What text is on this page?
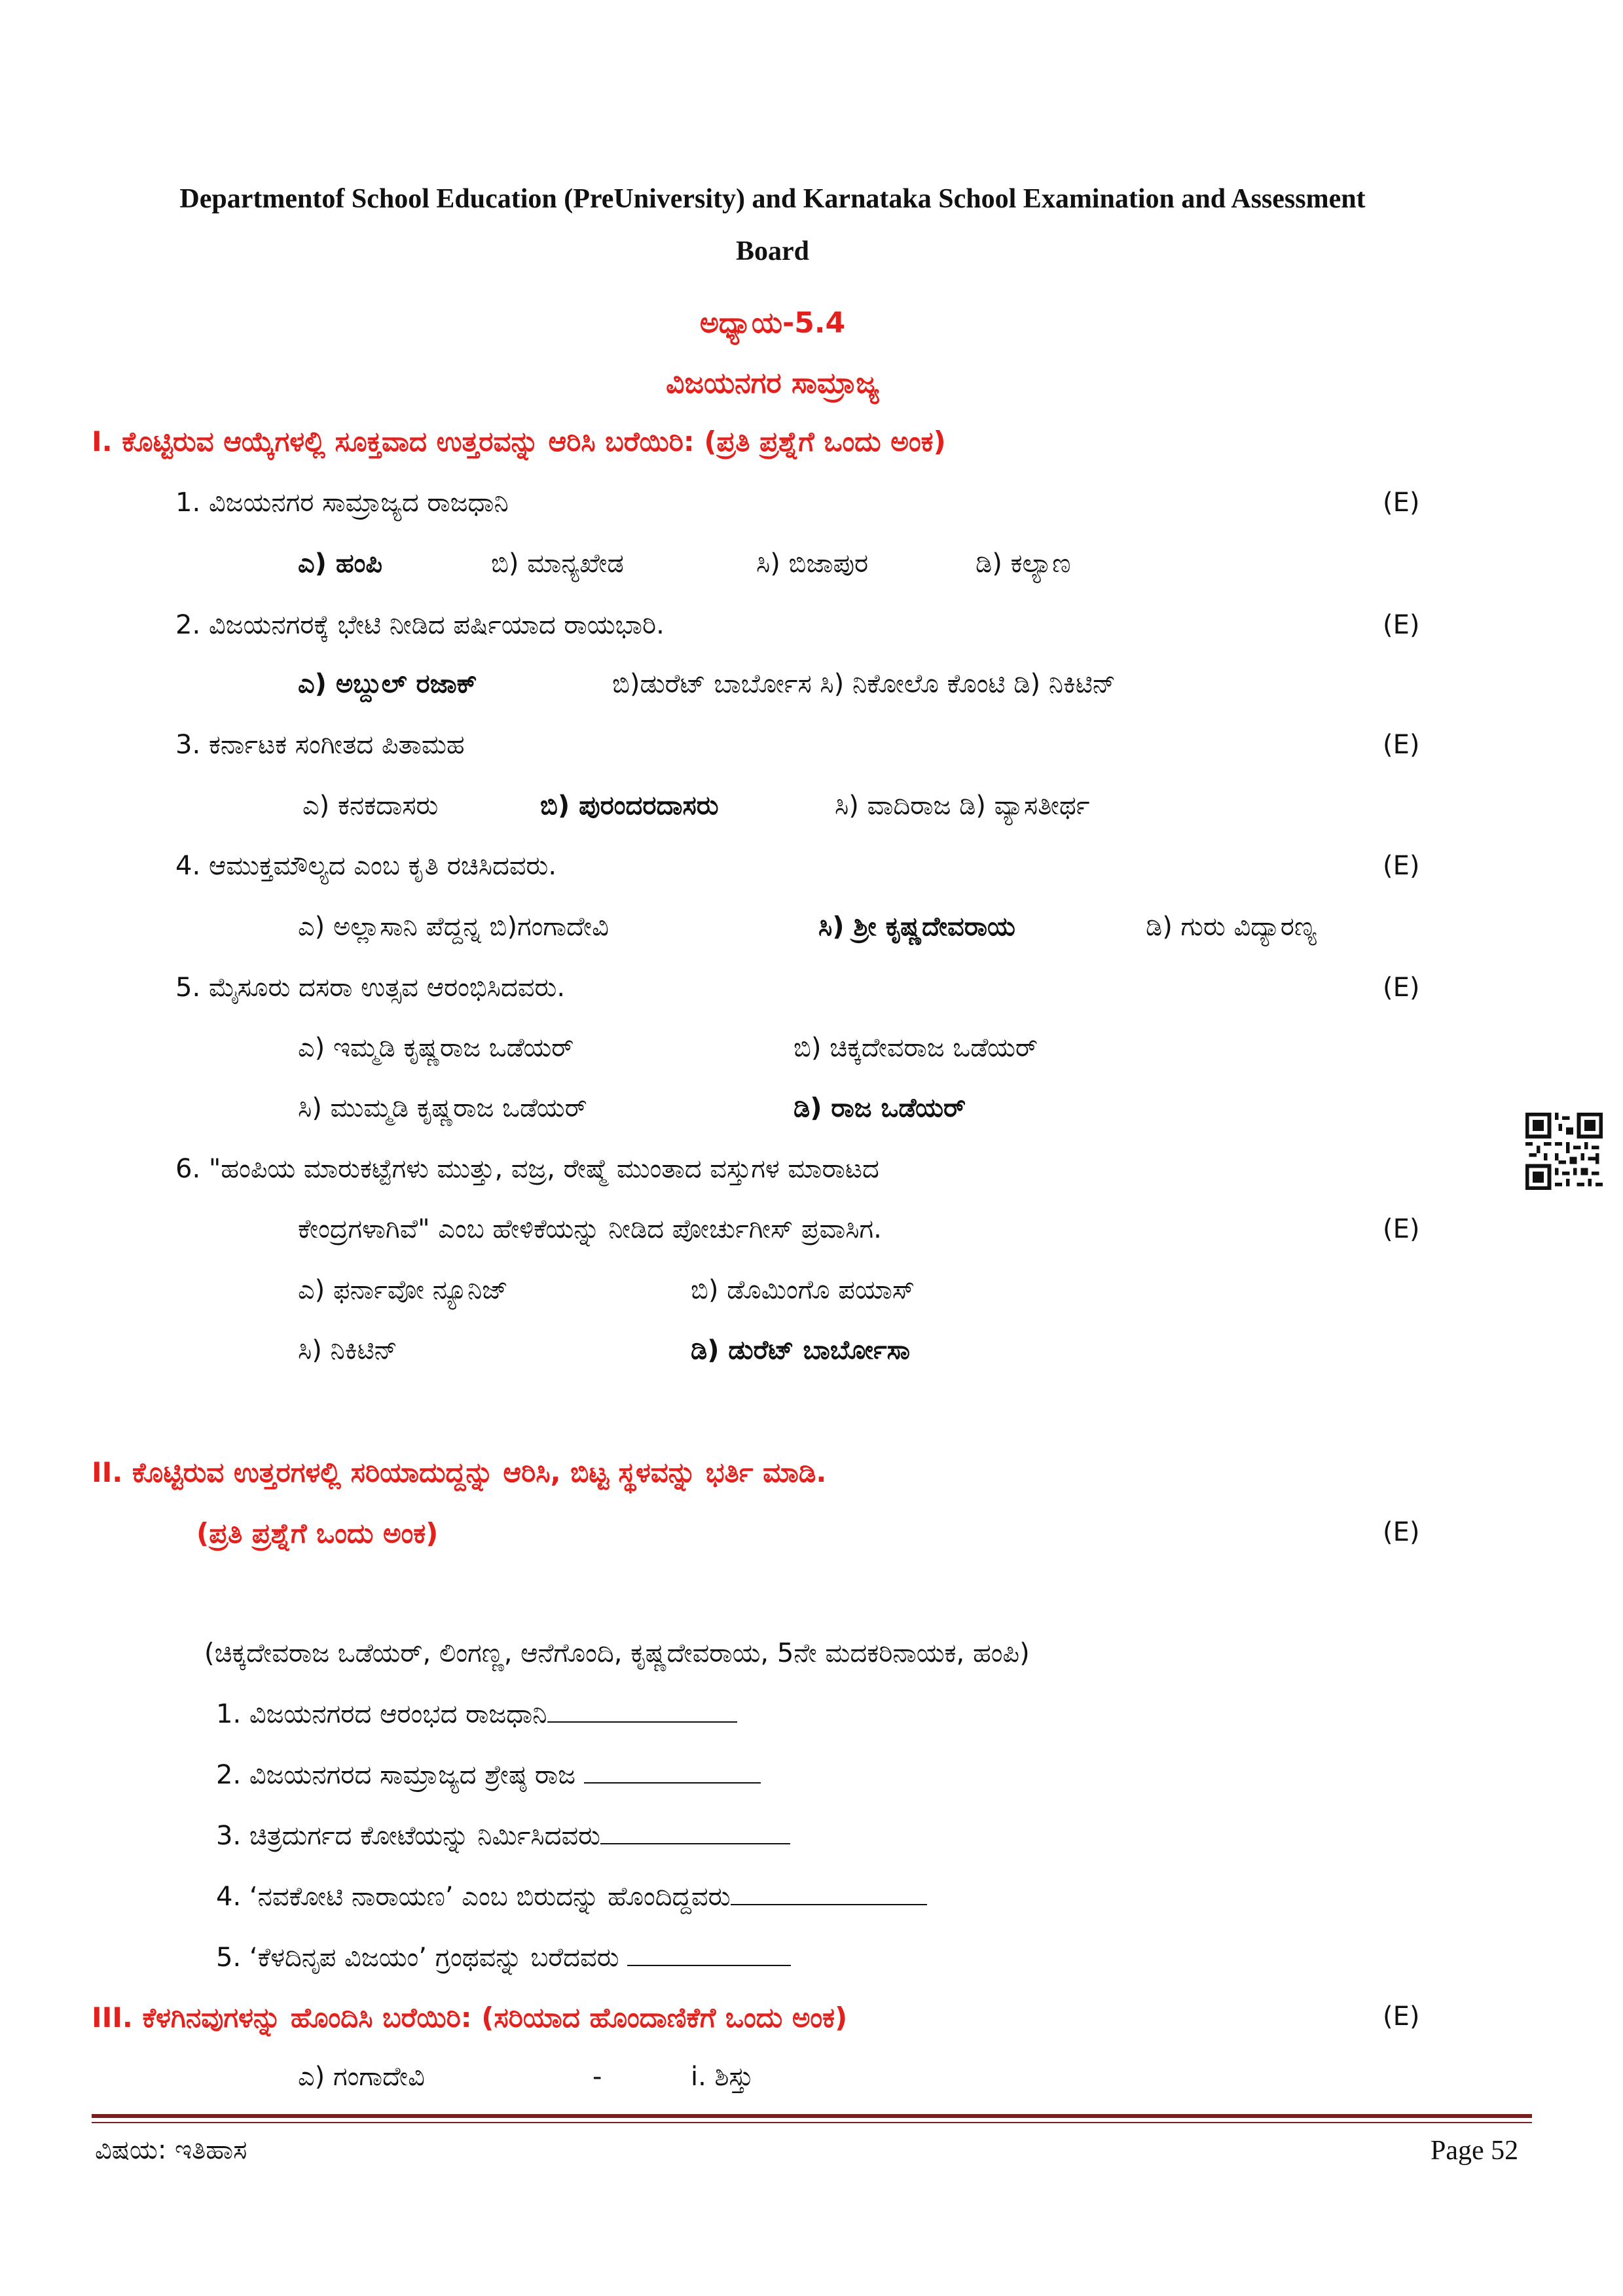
Departmentof School Education (PreUniversity) and Karnataka School Examination and Assessment
Board
ಅಧ್ಯಾಯ-5.4
ವಿಜಯನಗರ ಸಾಮ್ರಾಜ್ಯ
I. ಕೊಟ್ಟಿರುವ ಆಯ್ಕೆಗಳಲ್ಲಿ ಸೂಕ್ತವಾದ ಉತ್ತರವನ್ನು ಆರಿಸಿ ಬರೆಯಿರಿ: (ಪ್ರತಿ ಪ್ರಶ್ನೆಗೆ ಒಂದು ಅಂಕ)
1. ವಿಜಯನಗರ ಸಾಮ್ರಾಜ್ಯದ ರಾಜಧಾನಿ	(E)
ಎ) ಹಂಪಿ	ಬಿ) ಮಾನ್ಯಖೇಡ	ಸಿ) ಬಿಜಾಪುರ	ಡಿ) ಕಲ್ಯಾಣ
2. ವಿಜಯನಗರಕ್ಕೆ ಭೇಟಿ ನೀಡಿದ ಪರ್ಷಿಯಾದ ರಾಯಭಾರಿ.	(E)
ಎ) ಅಬ್ದುಲ್ ರಜಾಕ್	ಬಿ)ಡುರೆಟ್ ಬಾರ್ಬೋಸ ಸಿ) ನಿಕೋಲೊ ಕೊಂಟಿ ಡಿ) ನಿಕಿಟಿನ್
3. ಕರ್ನಾಟಕ ಸಂಗೀತದ ಪಿತಾಮಹ	(E)
ಎ) ಕನಕದಾಸರು	ಬಿ) ಪುರಂದರದಾಸರು	ಸಿ) ವಾದಿರಾಜ ಡಿ) ವ್ಯಾಸತೀರ್ಥ
4. ಆಮುಕ್ತಮೌಲ್ಯದ ಎಂಬ ಕೃತಿ ರಚಿಸಿದವರು.	(E)
ಎ) ಅಲ್ಲಾಸಾನಿ ಪೆದ್ದನ್ನ ಬಿ)ಗಂಗಾದೇವಿ	ಸಿ) ಶ್ರೀ ಕೃಷ್ಣದೇವರಾಯ	ಡಿ) ಗುರು ವಿದ್ಯಾರಣ್ಯ
5. ಮೈಸೂರು ದಸರಾ ಉತ್ಸವ ಆರಂಭಿಸಿದವರು.	(E)
ಎ) ಇಮ್ಮಡಿ ಕೃಷ್ಣರಾಜ ಒಡೆಯರ್	ಬಿ) ಚಿಕ್ಕದೇವರಾಜ ಒಡೆಯರ್
ಸಿ) ಮುಮ್ಮಡಿ ಕೃಷ್ಣರಾಜ ಒಡೆಯರ್	ಡಿ) ರಾಜ ಒಡೆಯರ್
6. "ಹಂಪಿಯ ಮಾರುಕಟ್ಟೆಗಳು ಮುತ್ತು, ವಜ್ರ, ರೇಷ್ಮೆ ಮುಂತಾದ ವಸ್ತುಗಳ ಮಾರಾಟದ
ಕೇಂದ್ರಗಳಾಗಿವೆ" ಎಂಬ ಹೇಳಿಕೆಯನ್ನು ನೀಡಿದ ಪೋರ್ಚುಗೀಸ್ ಪ್ರವಾಸಿಗ.	(E)
ಎ) ಫರ್ನಾವೋ ನ್ಯೂನಿಜ್	ಬಿ) ಡೊಮಿಂಗೊ ಪಯಾಸ್
ಸಿ) ನಿಕಿಟಿನ್	ಡಿ) ಡುರೆಟ್ ಬಾರ್ಬೋಸಾ
II. ಕೊಟ್ಟಿರುವ ಉತ್ತರಗಳಲ್ಲಿ ಸರಿಯಾದುದ್ದನ್ನು ಆರಿಸಿ, ಬಿಟ್ಟ ಸ್ಥಳವನ್ನು ಭರ್ತಿ ಮಾಡಿ.
(ಪ್ರತಿ ಪ್ರಶ್ನೆಗೆ ಒಂದು ಅಂಕ)	(E)
(ಚಿಕ್ಕದೇವರಾಜ ಒಡೆಯರ್, ಲಿಂಗಣ್ಣ, ಆನೆಗೊಂದಿ, ಕೃಷ್ಣದೇವರಾಯ, 5ನೇ ಮದಕರಿನಾಯಕ, ಹಂಪಿ)
1. ವಿಜಯನಗರದ ಆರಂಭದ ರಾಜಧಾನಿ
2. ವಿಜಯನಗರದ ಸಾಮ್ರಾಜ್ಯದ ಶ್ರೇಷ್ಠ ರಾಜ
3. ಚಿತ್ರದುರ್ಗದ ಕೋಟೆಯನ್ನು ನಿರ್ಮಿಸಿದವರು
4. ‘ನವಕೋಟಿ ನಾರಾಯಣ’ ಎಂಬ ಬಿರುದನ್ನು ಹೊಂದಿದ್ದವರು
5. ‘ಕೆಳದಿನೃಪ ವಿಜಯಂ’ ಗ್ರಂಥವನ್ನು ಬರೆದವರು
III. ಕೆಳಗಿನವುಗಳನ್ನು ಹೊಂದಿಸಿ ಬರೆಯಿರಿ: (ಸರಿಯಾದ ಹೊಂದಾಣಿಕೆಗೆ ಒಂದು ಅಂಕ)	(E)
ಎ) ಗಂಗಾದೇವಿ	-	i. ಶಿಸ್ತು
ವಿಷಯ: ಇತಿಹಾಸ	Page 52
